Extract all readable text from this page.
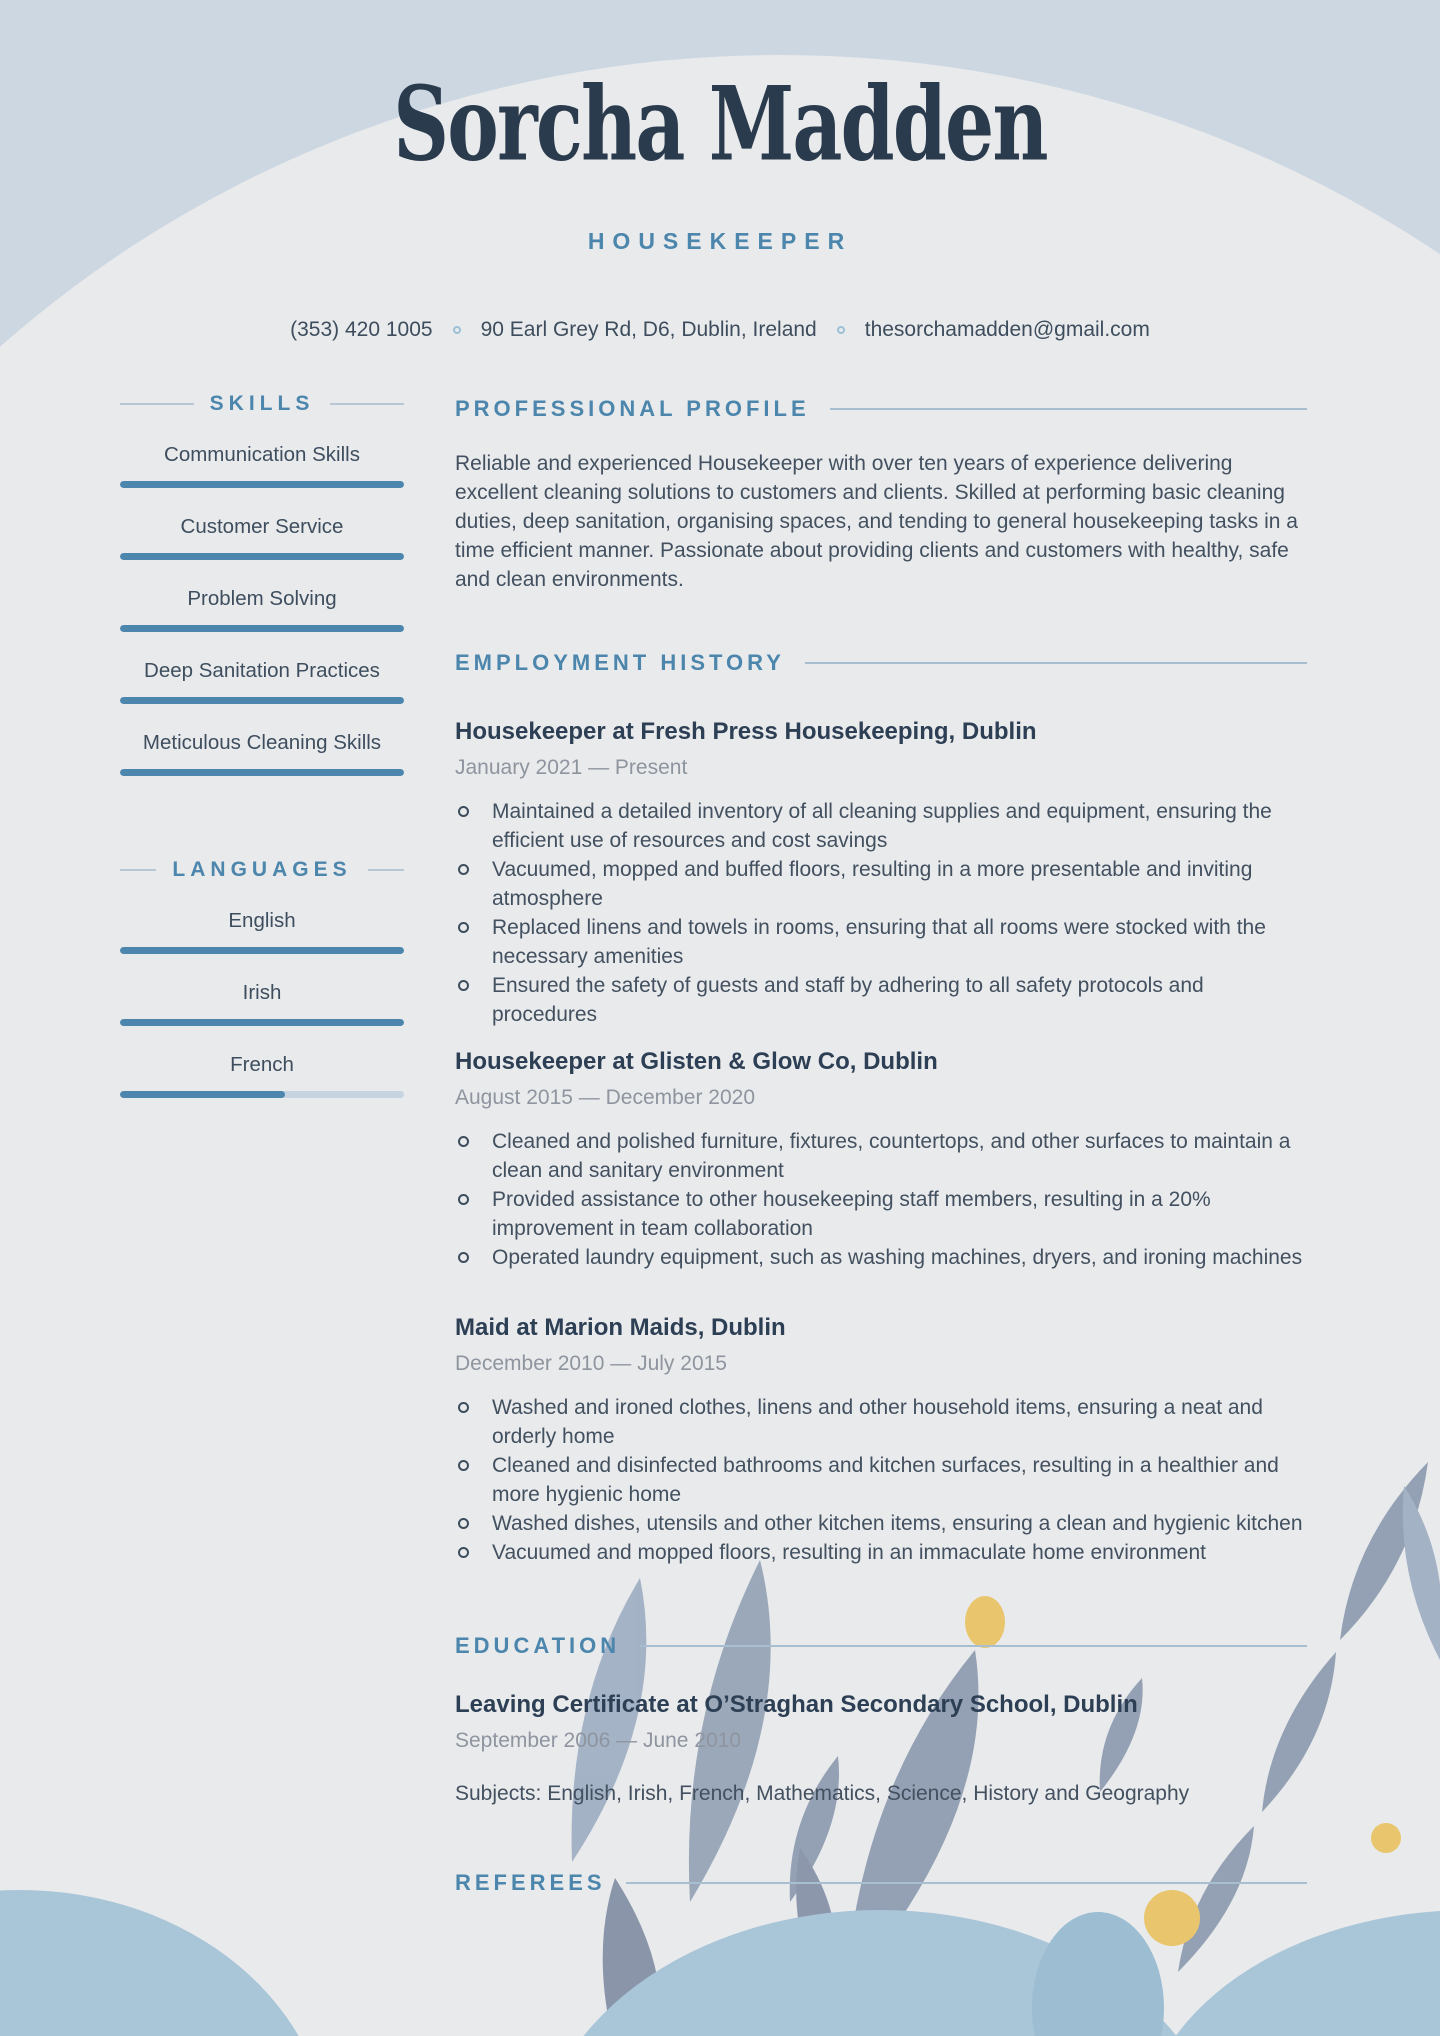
Sorcha Madden
HOUSEKEEPER
(353) 420 1005 90 Earl Grey Rd, D6, Dublin, Ireland thesorchamadden@gmail.com
SKILLS
Communication Skills
Customer Service
Problem Solving
Deep Sanitation Practices
Meticulous Cleaning Skills
LANGUAGES
English
Irish
French
PROFESSIONAL PROFILE
Reliable and experienced Housekeeper with over ten years of experience delivering excellent cleaning solutions to customers and clients. Skilled at performing basic cleaning duties, deep sanitation, organising spaces, and tending to general housekeeping tasks in a time efficient manner. Passionate about providing clients and customers with healthy, safe and clean environments.
EMPLOYMENT HISTORY
Housekeeper at Fresh Press Housekeeping, Dublin
January 2021 — Present
Maintained a detailed inventory of all cleaning supplies and equipment, ensuring the efficient use of resources and cost savings
Vacuumed, mopped and buffed floors, resulting in a more presentable and inviting atmosphere
Replaced linens and towels in rooms, ensuring that all rooms were stocked with the necessary amenities
Ensured the safety of guests and staff by adhering to all safety protocols and procedures
Housekeeper at Glisten & Glow Co, Dublin
August 2015 — December 2020
Cleaned and polished furniture, fixtures, countertops, and other surfaces to maintain a clean and sanitary environment
Provided assistance to other housekeeping staff members, resulting in a 20% improvement in team collaboration
Operated laundry equipment, such as washing machines, dryers, and ironing machines
Maid at Marion Maids, Dublin
December 2010 — July 2015
Washed and ironed clothes, linens and other household items, ensuring a neat and orderly home
Cleaned and disinfected bathrooms and kitchen surfaces, resulting in a healthier and more hygienic home
Washed dishes, utensils and other kitchen items, ensuring a clean and hygienic kitchen
Vacuumed and mopped floors, resulting in an immaculate home environment
EDUCATION
Leaving Certificate at O’Straghan Secondary School, Dublin
September 2006 — June 2010
Subjects: English, Irish, French, Mathematics, Science, History and Geography
REFEREES
